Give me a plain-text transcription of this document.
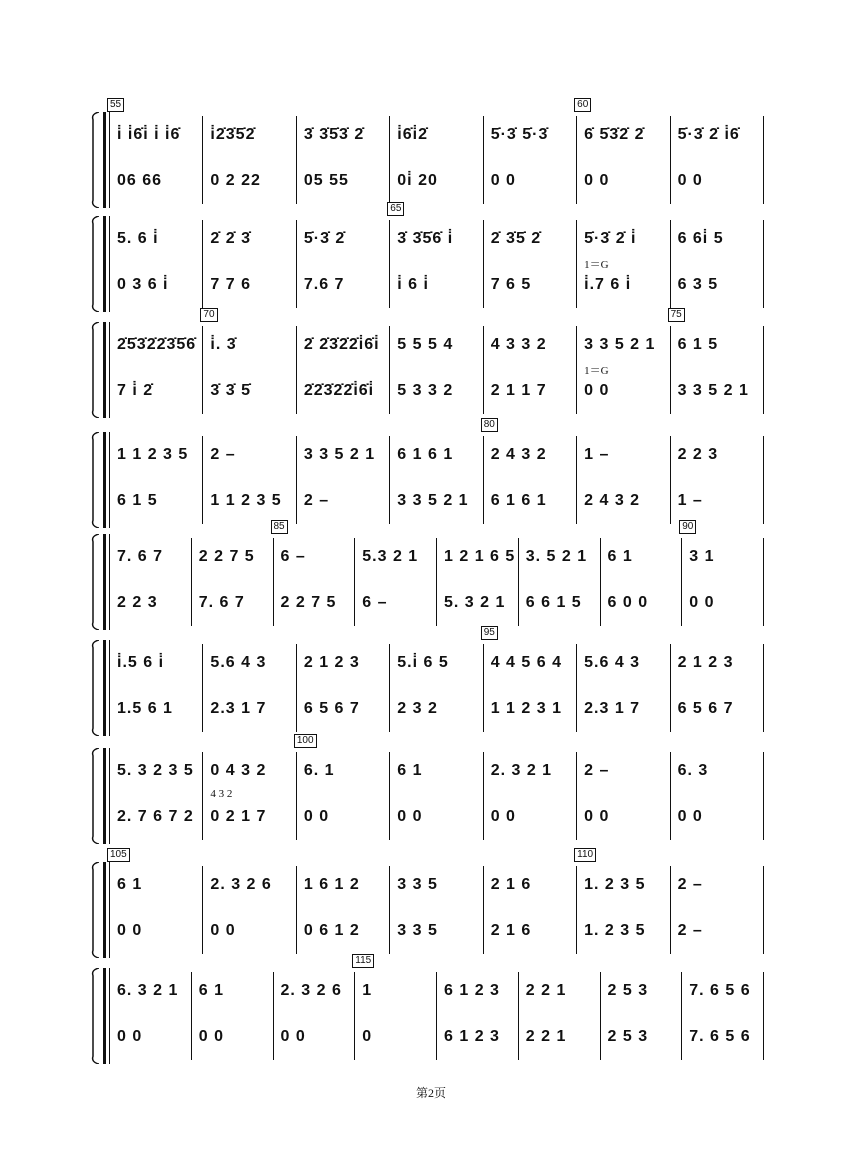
55
i̇ i̇6̇i̇ i̇ i̇6̇
06 66
i̇2̇3̇5̇2̇
0 2 22
3̇ 3̇5̇3̇ 2̇
05 55
i̇6̇i̇2̇
0i̇ 20
5̇·3̇ 5̇·3̇
0 0
60
6̇ 5̇3̇2̇ 2̇
0 0
5̇·3̇ 2̇ i̇6̇
0 0
5. 6 i̇
0 3 6 i̇
2̇ 2̇ 3̇
7 7 6
5̇·3̇ 2̇
7.6 7
65
3̇ 3̇5̇6̇ i̇
i̇ 6 i̇
2̇ 3̇5̇ 2̇
7 6 5
5̇·3̇ 2̇ i̇
i̇.7 6 i̇
1＝G
6 6i̇ 5
6 3 5
2̇5̇3̇2̇2̇3̇5̇6̇
7 i̇ 2̇
70
i̇. 3̇
3̇ 3̇ 5̇
2̇ 2̇3̇2̇2̇i̇6̇i̇
2̇2̇3̇2̇2̇i̇6̇i̇
5 5 5 4
5 3 3 2
4 3 3 2
2 1 1 7
3 3 5 2 1
0 0
1＝G
75
6 1 5
3 3 5 2 1
1 1 2 3 5
6 1 5
2 –
1 1 2 3 5
3 3 5 2 1
2 –
6 1 6 1
3 3 5 2 1
80
2 4 3 2
6 1 6 1
1 –
2 4 3 2
2 2 3
1 –
7. 6 7
2 2 3
2 2 7 5
7. 6 7
85
6 –
2 2 7 5
5.3 2 1
6 –
1 2 1 6 5
5. 3 2 1
3. 5 2 1
6 6 1 5
6 1
6 0 0
90
3 1
0 0
i̇.5 6 i̇
1.5 6 1
5.6 4 3
2.3 1 7
2 1 2 3
6 5 6 7
5.i̇ 6 5
2 3 2
95
4 4 5 6 4
1 1 2 3 1
5.6 4 3
2.3 1 7
2 1 2 3
6 5 6 7
5. 3 2 3 5
2. 7 6 7 2
0 4 3 2
0 2 1 7
4 3 2
100
6. 1
0 0
6 1
0 0
2. 3 2 1
0 0
2 –
0 0
6. 3
0 0
105
6 1
0 0
2. 3 2 6
0 0
1 6 1 2
0 6 1 2
3 3 5
3 3 5
2 1 6
2 1 6
110
1. 2 3 5
1. 2 3 5
2 –
2 –
6. 3 2 1
0 0
6 1
0 0
2. 3 2 6
0 0
115
1
0
6 1 2 3
6 1 2 3
2 2 1
2 2 1
2 5 3
2 5 3
7. 6 5 6
7. 6 5 6
第2页
